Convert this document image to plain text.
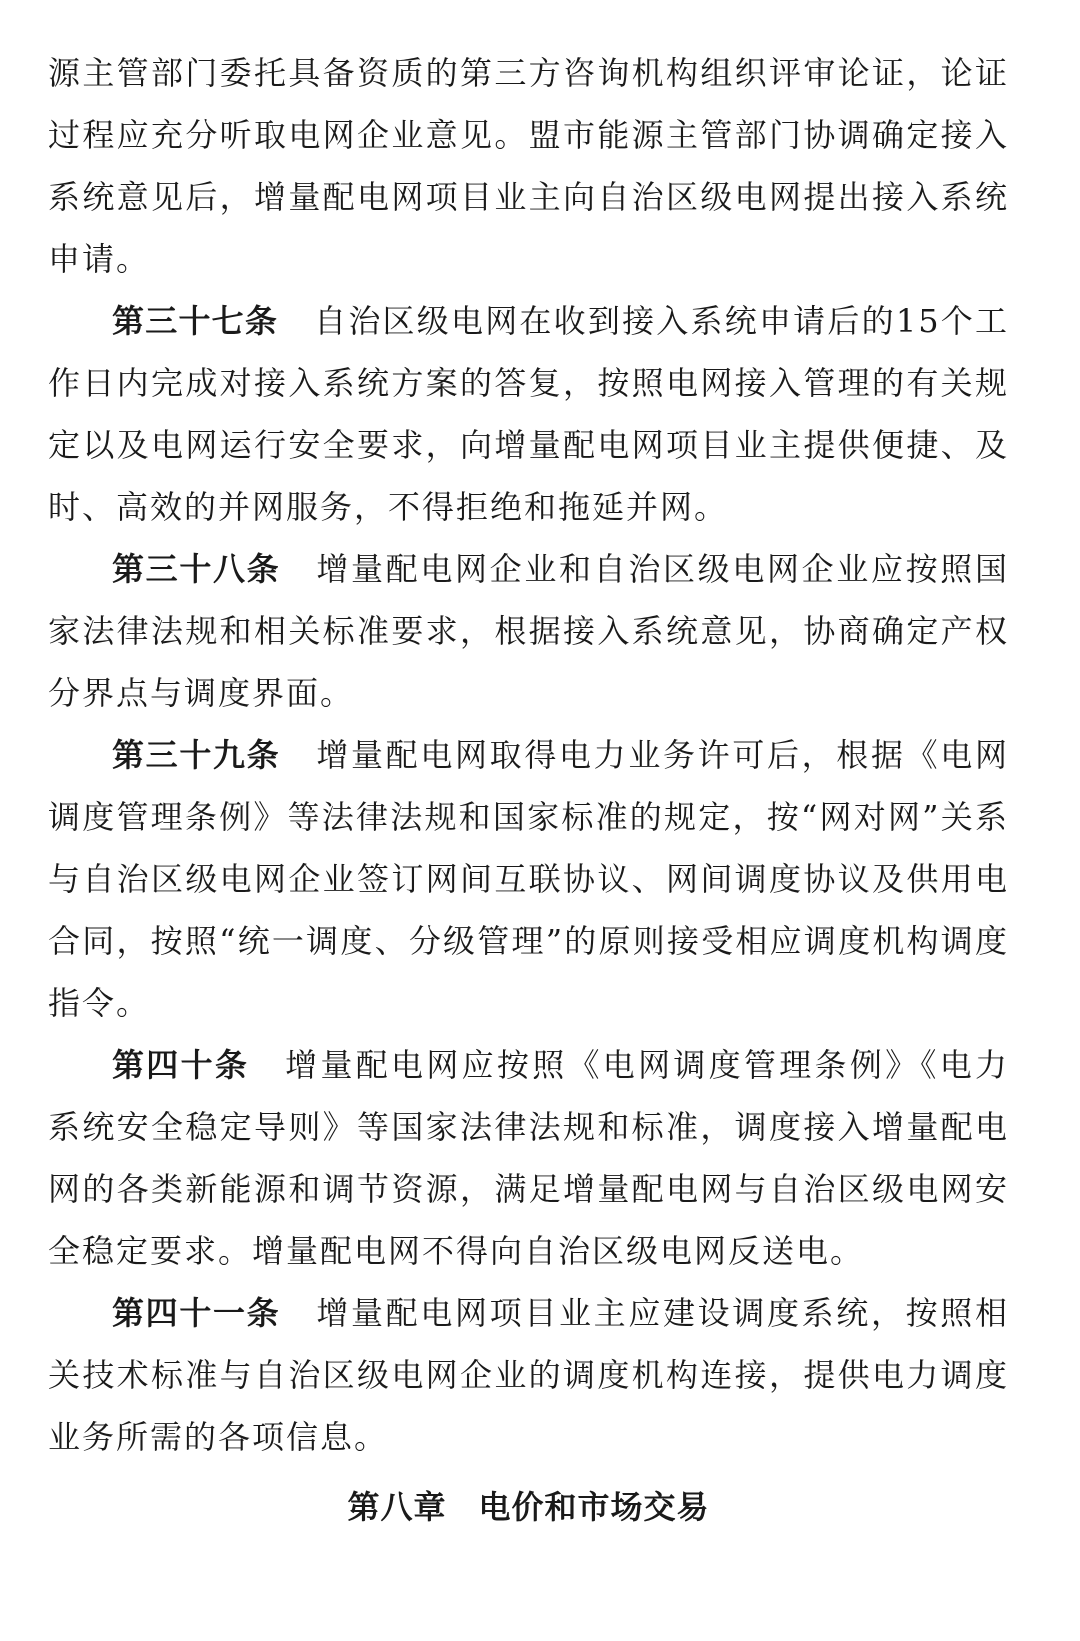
源主管部门委托具备资质的第三方咨询机构组织评审论证，论证过程应充分听取电网企业意见。盟市能源主管部门协调确定接入系统意见后，增量配电网项目业主向自治区级电网提出接入系统申请。

第三十七条 自治区级电网在收到接入系统申请后的15个工作日内完成对接入系统方案的答复，按照电网接入管理的有关规定以及电网运行安全要求，向增量配电网项目业主提供便捷、及时、高效的并网服务，不得拒绝和拖延并网。

第三十八条 增量配电网企业和自治区级电网企业应按照国家法律法规和相关标准要求，根据接入系统意见，协商确定产权分界点与调度界面。

第三十九条 增量配电网取得电力业务许可后，根据《电网调度管理条例》等法律法规和国家标准的规定，按“网对网”关系与自治区级电网企业签订网间互联协议、网间调度协议及供用电合同，按照“统一调度、分级管理”的原则接受相应调度机构调度指令。

第四十条 增量配电网应按照《电网调度管理条例》《电力系统安全稳定导则》等国家法律法规和标准，调度接入增量配电网的各类新能源和调节资源，满足增量配电网与自治区级电网安全稳定要求。增量配电网不得向自治区级电网反送电。

第四十一条 增量配电网项目业主应建设调度系统，按照相关技术标准与自治区级电网企业的调度机构连接，提供电力调度业务所需的各项信息。

第八章 电价和市场交易
